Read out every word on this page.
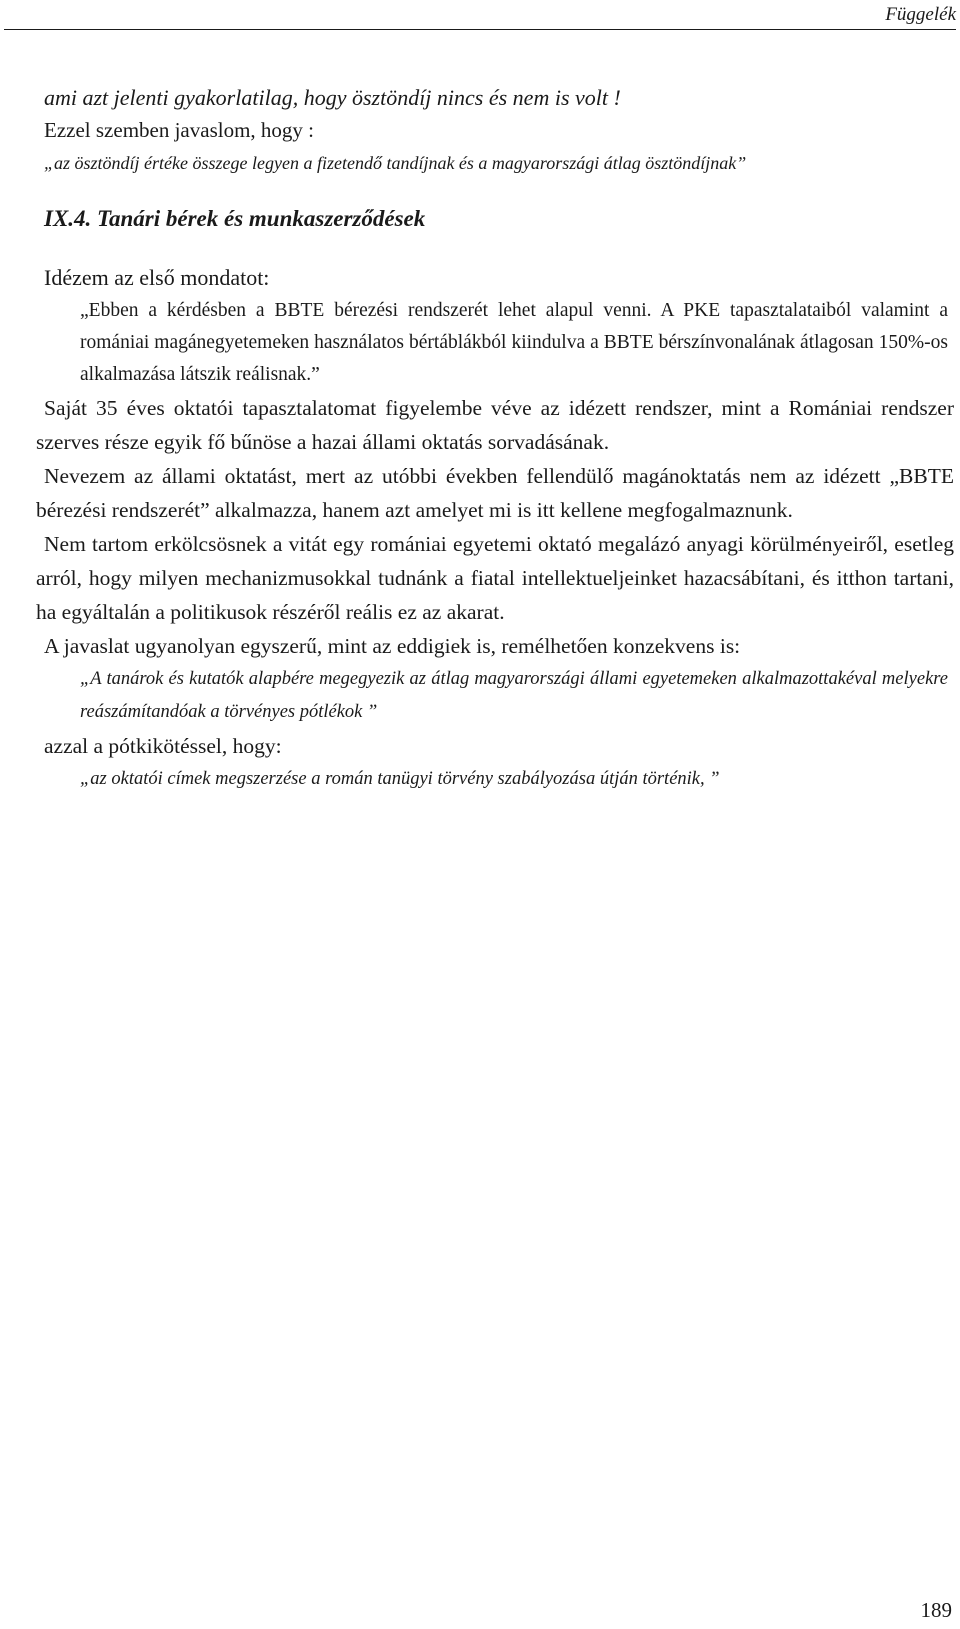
Függelék

ami azt jelenti gyakorlatilag, hogy ösztöndíj nincs és nem is volt !

Ezzel szemben javaslom, hogy :

„az ösztöndíj értéke összege legyen a fizetendő tandíjnak és a magyarországi átlag ösztöndíjnak”

IX.4. Tanári bérek és munkaszerződések

Idézem az első mondatot:

„Ebben a kérdésben a BBTE bérezési rendszerét lehet alapul venni. A PKE tapasztalataiból valamint a romániai magánegyetemeken használatos bértáblákból kiindulva a BBTE bérszínvonalának átlagosan 150%-os alkalmazása látszik reálisnak.”

Saját 35 éves oktatói tapasztalatomat figyelembe véve az idézett rendszer, mint a Romániai rendszer szerves része egyik fő bűnöse a hazai állami oktatás sorvadásának.

Nevezem az állami oktatást, mert az utóbbi években fellendülő magánoktatás nem az idézett „BBTE bérezési rendszerét” alkalmazza, hanem azt amelyet mi is itt kellene megfogalmaznunk.

Nem tartom erkölcsösnek a vitát egy romániai egyetemi oktató megalázó anyagi körülményeiről, esetleg arról, hogy milyen mechanizmusokkal tudnánk a fiatal intellektueljeinket hazacsábítani, és itthon tartani, ha egyáltalán a politikusok részéről reális ez az akarat.

A javaslat ugyanolyan egyszerű, mint az eddigiek is, remélhetően konzekvens is:

„A tanárok és kutatók alapbére megegyezik az átlag magyarországi állami egyetemeken alkalmazottakéval melyekre reászámítandóak a törvényes pótlékok ”

azzal a pótkikötéssel, hogy:

„az oktatói címek megszerzése a román tanügyi törvény szabályozása útján történik, ”

189
